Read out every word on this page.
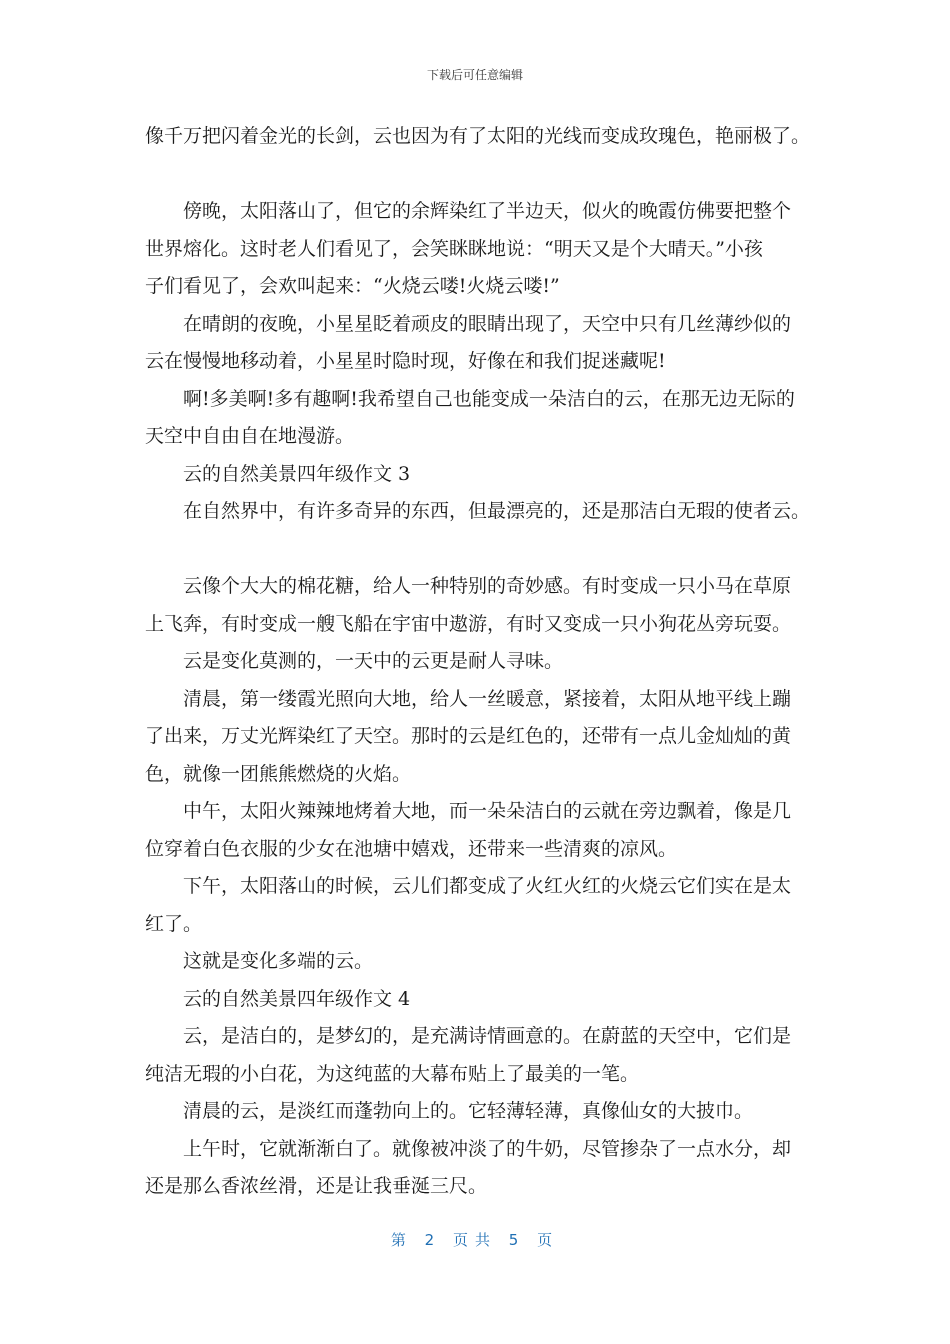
下载后可任意编辑

像千万把闪着金光的长剑，云也因为有了太阳的光线而变成玫瑰色，艳丽极了。

傍晚，太阳落山了，但它的余辉染红了半边天，似火的晚霞仿佛要把整个

世界熔化。这时老人们看见了，会笑眯眯地说：“明天又是个大晴天。”小孩

子们看见了，会欢叫起来：“火烧云喽!火烧云喽!”

在晴朗的夜晚，小星星眨着顽皮的眼睛出现了，天空中只有几丝薄纱似的

云在慢慢地移动着，小星星时隐时现，好像在和我们捉迷藏呢!

啊!多美啊!多有趣啊!我希望自己也能变成一朵洁白的云，在那无边无际的

天空中自由自在地漫游。

云的自然美景四年级作文 3

在自然界中，有许多奇异的东西，但最漂亮的，还是那洁白无瑕的使者云。

云像个大大的棉花糖，给人一种特别的奇妙感。有时变成一只小马在草原

上飞奔，有时变成一艘飞船在宇宙中遨游，有时又变成一只小狗花丛旁玩耍。

云是变化莫测的，一天中的云更是耐人寻味。

清晨，第一缕霞光照向大地，给人一丝暖意，紧接着，太阳从地平线上蹦

了出来，万丈光辉染红了天空。那时的云是红色的，还带有一点儿金灿灿的黄

色，就像一团熊熊燃烧的火焰。

中午，太阳火辣辣地烤着大地，而一朵朵洁白的云就在旁边飘着，像是几

位穿着白色衣服的少女在池塘中嬉戏，还带来一些清爽的凉风。

下午，太阳落山的时候，云儿们都变成了火红火红的火烧云它们实在是太

红了。

这就是变化多端的云。

云的自然美景四年级作文 4

云，是洁白的，是梦幻的，是充满诗情画意的。在蔚蓝的天空中，它们是

纯洁无瑕的小白花，为这纯蓝的大幕布贴上了最美的一笔。

清晨的云，是淡红而蓬勃向上的。它轻薄轻薄，真像仙女的大披巾。

上午时，它就渐渐白了。就像被冲淡了的牛奶，尽管掺杂了一点水分，却

还是那么香浓丝滑，还是让我垂涎三尺。

第 2 页共 5 页
